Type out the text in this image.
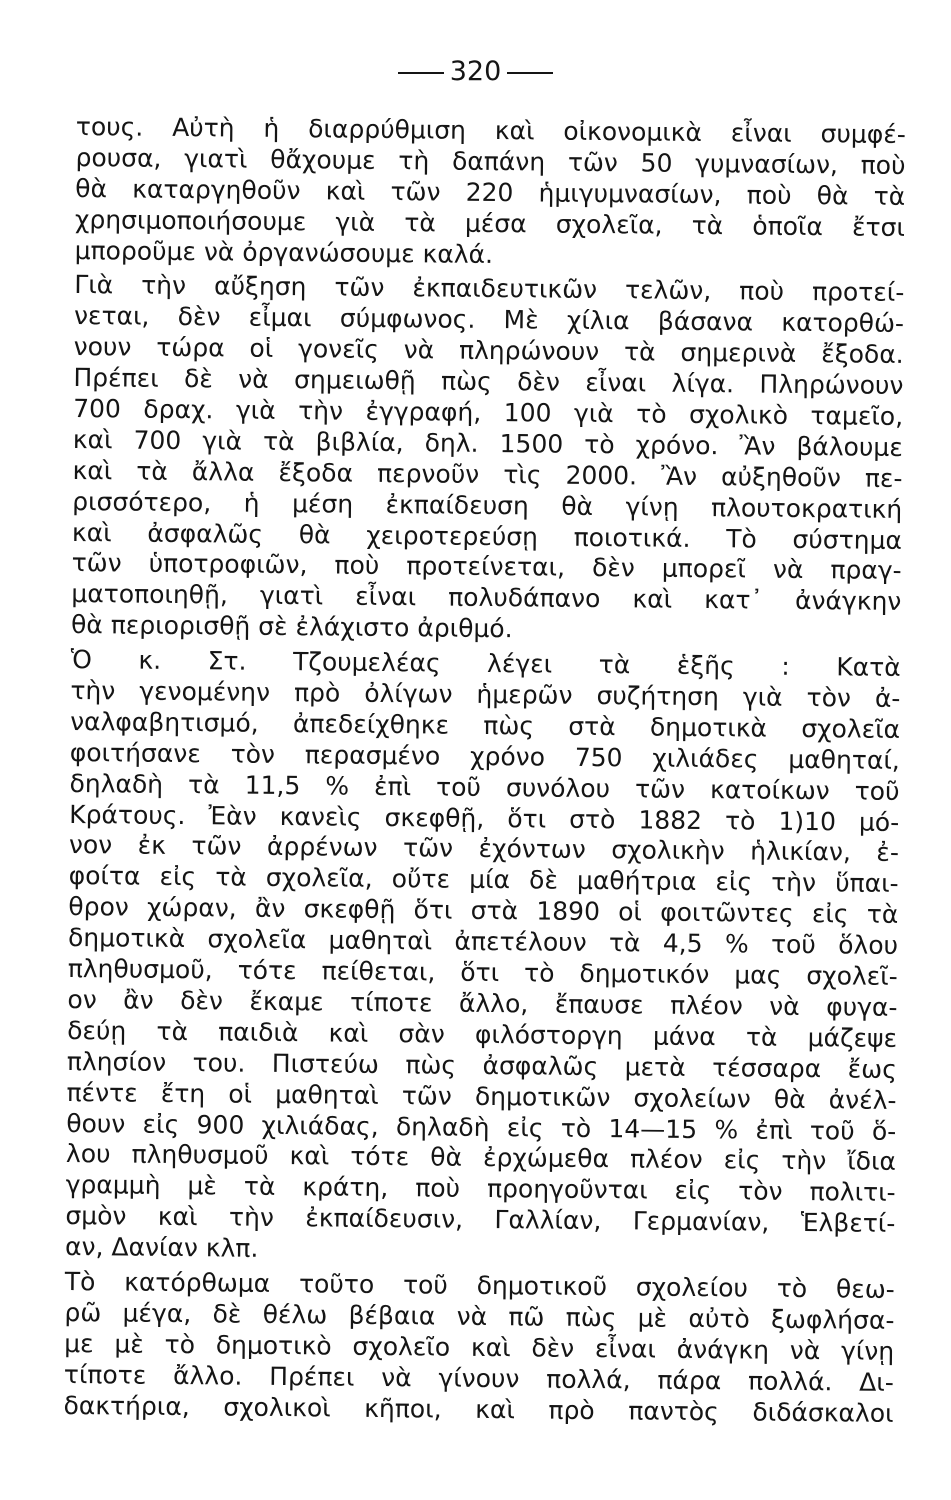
320
τους. Αὐτὴ ἡ διαρρύθμιση καὶ οἰκονομικὰ εἶναι συμφέ-
ρουσα, γιατὶ θἄχουμε τὴ δαπάνη τῶν 50 γυμνασίων, ποὺ
θὰ καταργηθοῦν καὶ τῶν 220 ἡμιγυμνασίων, ποὺ θὰ τὰ
χρησιμοποιήσουμε γιὰ τὰ μέσα σχολεῖα, τὰ ὁποῖα ἔτσι
μποροῦμε νὰ ὀργανώσουμε καλά.
Γιὰ τὴν αὔξηση τῶν ἐκπαιδευτικῶν τελῶν, ποὺ προτεί-
νεται, δὲν εἶμαι σύμφωνος. Μὲ χίλια βάσανα κατορθώ-
νουν τώρα οἱ γονεῖς νὰ πληρώνουν τὰ σημερινὰ ἔξοδα.
Πρέπει δὲ νὰ σημειωθῇ πὼς δὲν εἶναι λίγα. Πληρώνουν
700 δραχ. γιὰ τὴν ἐγγραφή, 100 γιὰ τὸ σχολικὸ ταμεῖο,
καὶ 700 γιὰ τὰ βιβλία, δηλ. 1500 τὸ χρόνο. Ἂν βάλουμε
καὶ τὰ ἄλλα ἔξοδα περνοῦν τὶς 2000. Ἂν αὐξηθοῦν πε-
ρισσότερο, ἡ μέση ἐκπαίδευση θὰ γίνῃ πλουτοκρατική
καὶ ἀσφαλῶς θὰ χειροτερεύσῃ ποιοτικά. Τὸ σύστημα
τῶν ὑποτροφιῶν, ποὺ προτείνεται, δὲν μπορεῖ νὰ πραγ-
ματοποιηθῇ, γιατὶ εἶναι πολυδάπανο καὶ κατ᾽ ἀνάγκην
θὰ περιορισθῇ σὲ ἐλάχιστο ἀριθμό.
Ὁ κ. Στ. Τζουμελέας λέγει τὰ ἑξῆς : Κατὰ
τὴν γενομένην πρὸ ὀλίγων ἡμερῶν συζήτηση γιὰ τὸν ἀ-
ναλφαβητισμό, ἀπεδείχθηκε πὼς στὰ δημοτικὰ σχολεῖα
φοιτήσανε τὸν περασμένο χρόνο 750 χιλιάδες μαθηταί,
δηλαδὴ τὰ 11,5 % ἐπὶ τοῦ συνόλου τῶν κατοίκων τοῦ
Κράτους. Ἐὰν κανεὶς σκεφθῇ, ὅτι στὸ 1882 τὸ 1)10 μό-
νον ἐκ τῶν ἀρρένων τῶν ἐχόντων σχολικὴν ἡλικίαν, ἐ-
φοίτα εἰς τὰ σχολεῖα, οὔτε μία δὲ μαθήτρια εἰς τὴν ὕπαι-
θρον χώραν, ἂν σκεφθῇ ὅτι στὰ 1890 οἱ φοιτῶντες εἰς τὰ
δημοτικὰ σχολεῖα μαθηταὶ ἀπετέλουν τὰ 4,5 % τοῦ ὅλου
πληθυσμοῦ, τότε πείθεται, ὅτι τὸ δημοτικόν μας σχολεῖ-
ον ἂν δὲν ἔκαμε τίποτε ἄλλο, ἔπαυσε πλέον νὰ φυγα-
δεύῃ τὰ παιδιὰ καὶ σὰν φιλόστοργη μάνα τὰ μάζεψε
πλησίον του. Πιστεύω πὼς ἀσφαλῶς μετὰ τέσσαρα ἔως
πέντε ἔτη οἱ μαθηταὶ τῶν δημοτικῶν σχολείων θὰ ἀνέλ-
θουν εἰς 900 χιλιάδας, δηλαδὴ εἰς τὸ 14—15 % ἐπὶ τοῦ ὅ-
λου πληθυσμοῦ καὶ τότε θὰ ἐρχώμεθα πλέον εἰς τὴν ἴδια
γραμμὴ μὲ τὰ κράτη, ποὺ προηγοῦνται εἰς τὸν πολιτι-
σμὸν καὶ τὴν ἐκπαίδευσιν, Γαλλίαν, Γερμανίαν, Ἑλβετί-
αν, Δανίαν κλπ.
Τὸ κατόρθωμα τοῦτο τοῦ δημοτικοῦ σχολείου τὸ θεω-
ρῶ μέγα, δὲ θέλω βέβαια νὰ πῶ πὼς μὲ αὐτὸ ξωφλήσα-
με μὲ τὸ δημοτικὸ σχολεῖο καὶ δὲν εἶναι ἀνάγκη νὰ γίνῃ
τίποτε ἄλλο. Πρέπει νὰ γίνουν πολλά, πάρα πολλά. Δι-
δακτήρια, σχολικοὶ κῆποι, καὶ πρὸ παντὸς διδάσκαλοι
